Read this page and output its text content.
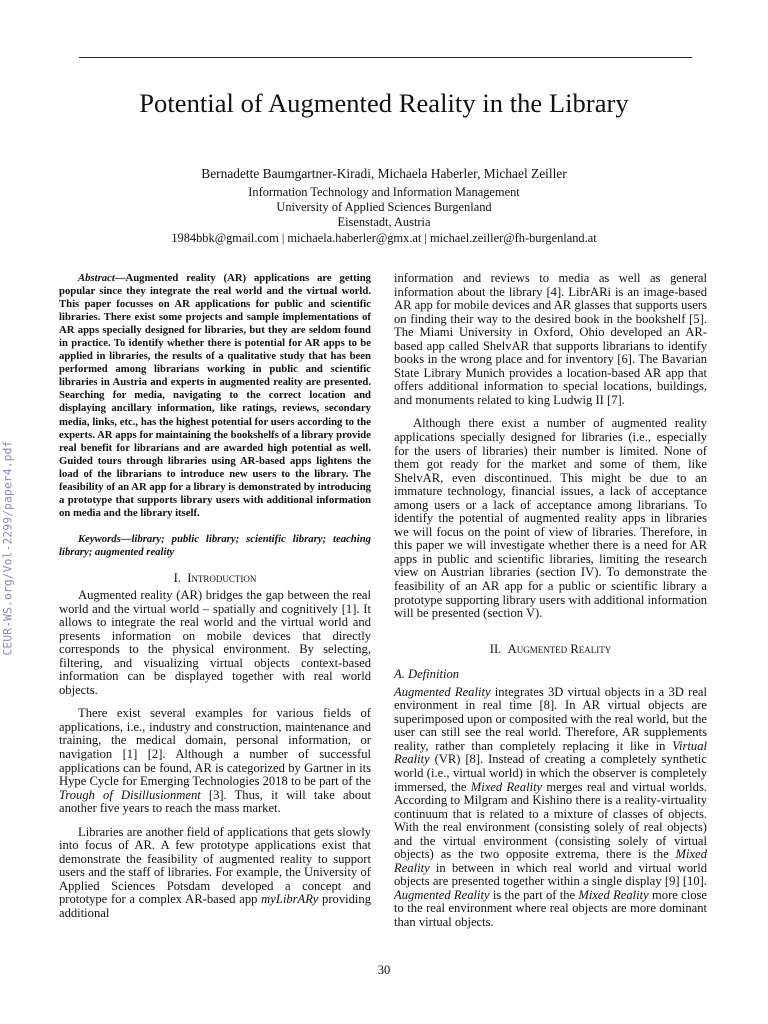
Potential of Augmented Reality in the Library
Bernadette Baumgartner-Kiradi, Michaela Haberler, Michael Zeiller
Information Technology and Information Management
University of Applied Sciences Burgenland
Eisenstadt, Austria
1984bbk@gmail.com | michaela.haberler@gmx.at | michael.zeiller@fh-burgenland.at
CEUR-WS.org/Vol-2299/paper4.pdf

Abstract—Augmented reality (AR) applications are getting popular since they integrate the real world and the virtual world. This paper focusses on AR applications for public and scientific libraries. There exist some projects and sample implementations of AR apps specially designed for libraries, but they are seldom found in practice. To identify whether there is potential for AR apps to be applied in libraries, the results of a qualitative study that has been performed among librarians working in public and scientific libraries in Austria and experts in augmented reality are presented. Searching for media, navigating to the correct location and displaying ancillary information, like ratings, reviews, secondary media, links, etc., has the highest potential for users according to the experts. AR apps for maintaining the bookshelfs of a library provide real benefit for librarians and are awarded high potential as well. Guided tours through libraries using AR-based apps lightens the load of the librarians to introduce new users to the library. The feasibility of an AR app for a library is demonstrated by introducing a prototype that supports library users with additional information on media and the library itself.

Keywords—library; public library; scientific library; teaching library; augmented reality

I. Introduction

Augmented reality (AR) bridges the gap between the real world and the virtual world – spatially and cognitively [1]. It allows to integrate the real world and the virtual world and presents information on mobile devices that directly corresponds to the physical environment. By selecting, filtering, and visualizing virtual objects context-based information can be displayed together with real world objects.

There exist several examples for various fields of applications, i.e., industry and construction, maintenance and training, the medical domain, personal information, or navigation [1] [2]. Although a number of successful applications can be found, AR is categorized by Gartner in its Hype Cycle for Emerging Technologies 2018 to be part of the Trough of Disillusionment [3]. Thus, it will take about another five years to reach the mass market.

Libraries are another field of applications that gets slowly into focus of AR. A few prototype applications exist that demonstrate the feasibility of augmented reality to support users and the staff of libraries. For example, the University of Applied Sciences Potsdam developed a concept and prototype for a complex AR-based app myLibrARy providing additional

information and reviews to media as well as general information about the library [4]. LibrARi is an image-based AR app for mobile devices and AR glasses that supports users on finding their way to the desired book in the bookshelf [5]. The Miami University in Oxford, Ohio developed an AR-based app called ShelvAR that supports librarians to identify books in the wrong place and for inventory [6]. The Bavarian State Library Munich provides a location-based AR app that offers additional information to special locations, buildings, and monuments related to king Ludwig II [7].

Although there exist a number of augmented reality applications specially designed for libraries (i.e., especially for the users of libraries) their number is limited. None of them got ready for the market and some of them, like ShelvAR, even discontinued. This might be due to an immature technology, financial issues, a lack of acceptance among users or a lack of acceptance among librarians. To identify the potential of augmented reality apps in libraries we will focus on the point of view of libraries. Therefore, in this paper we will investigate whether there is a need for AR apps in public and scientific libraries, limiting the research view on Austrian libraries (section IV). To demonstrate the feasibility of an AR app for a public or scientific library a prototype supporting library users with additional information will be presented (section V).

II. Augmented Reality
A. Definition

Augmented Reality integrates 3D virtual objects in a 3D real environment in real time [8]. In AR virtual objects are superimposed upon or composited with the real world, but the user can still see the real world. Therefore, AR supplements reality, rather than completely replacing it like in Virtual Reality (VR) [8]. Instead of creating a completely synthetic world (i.e., virtual world) in which the observer is completely immersed, the Mixed Reality merges real and virtual worlds. According to Milgram and Kishino there is a reality-virtuality continuum that is related to a mixture of classes of objects. With the real environment (consisting solely of real objects) and the virtual environment (consisting solely of virtual objects) as the two opposite extrema, there is the Mixed Reality in between in which real world and virtual world objects are presented together within a single display [9] [10]. Augmented Reality is the part of the Mixed Reality more close to the real environment where real objects are more dominant than virtual objects.

30
